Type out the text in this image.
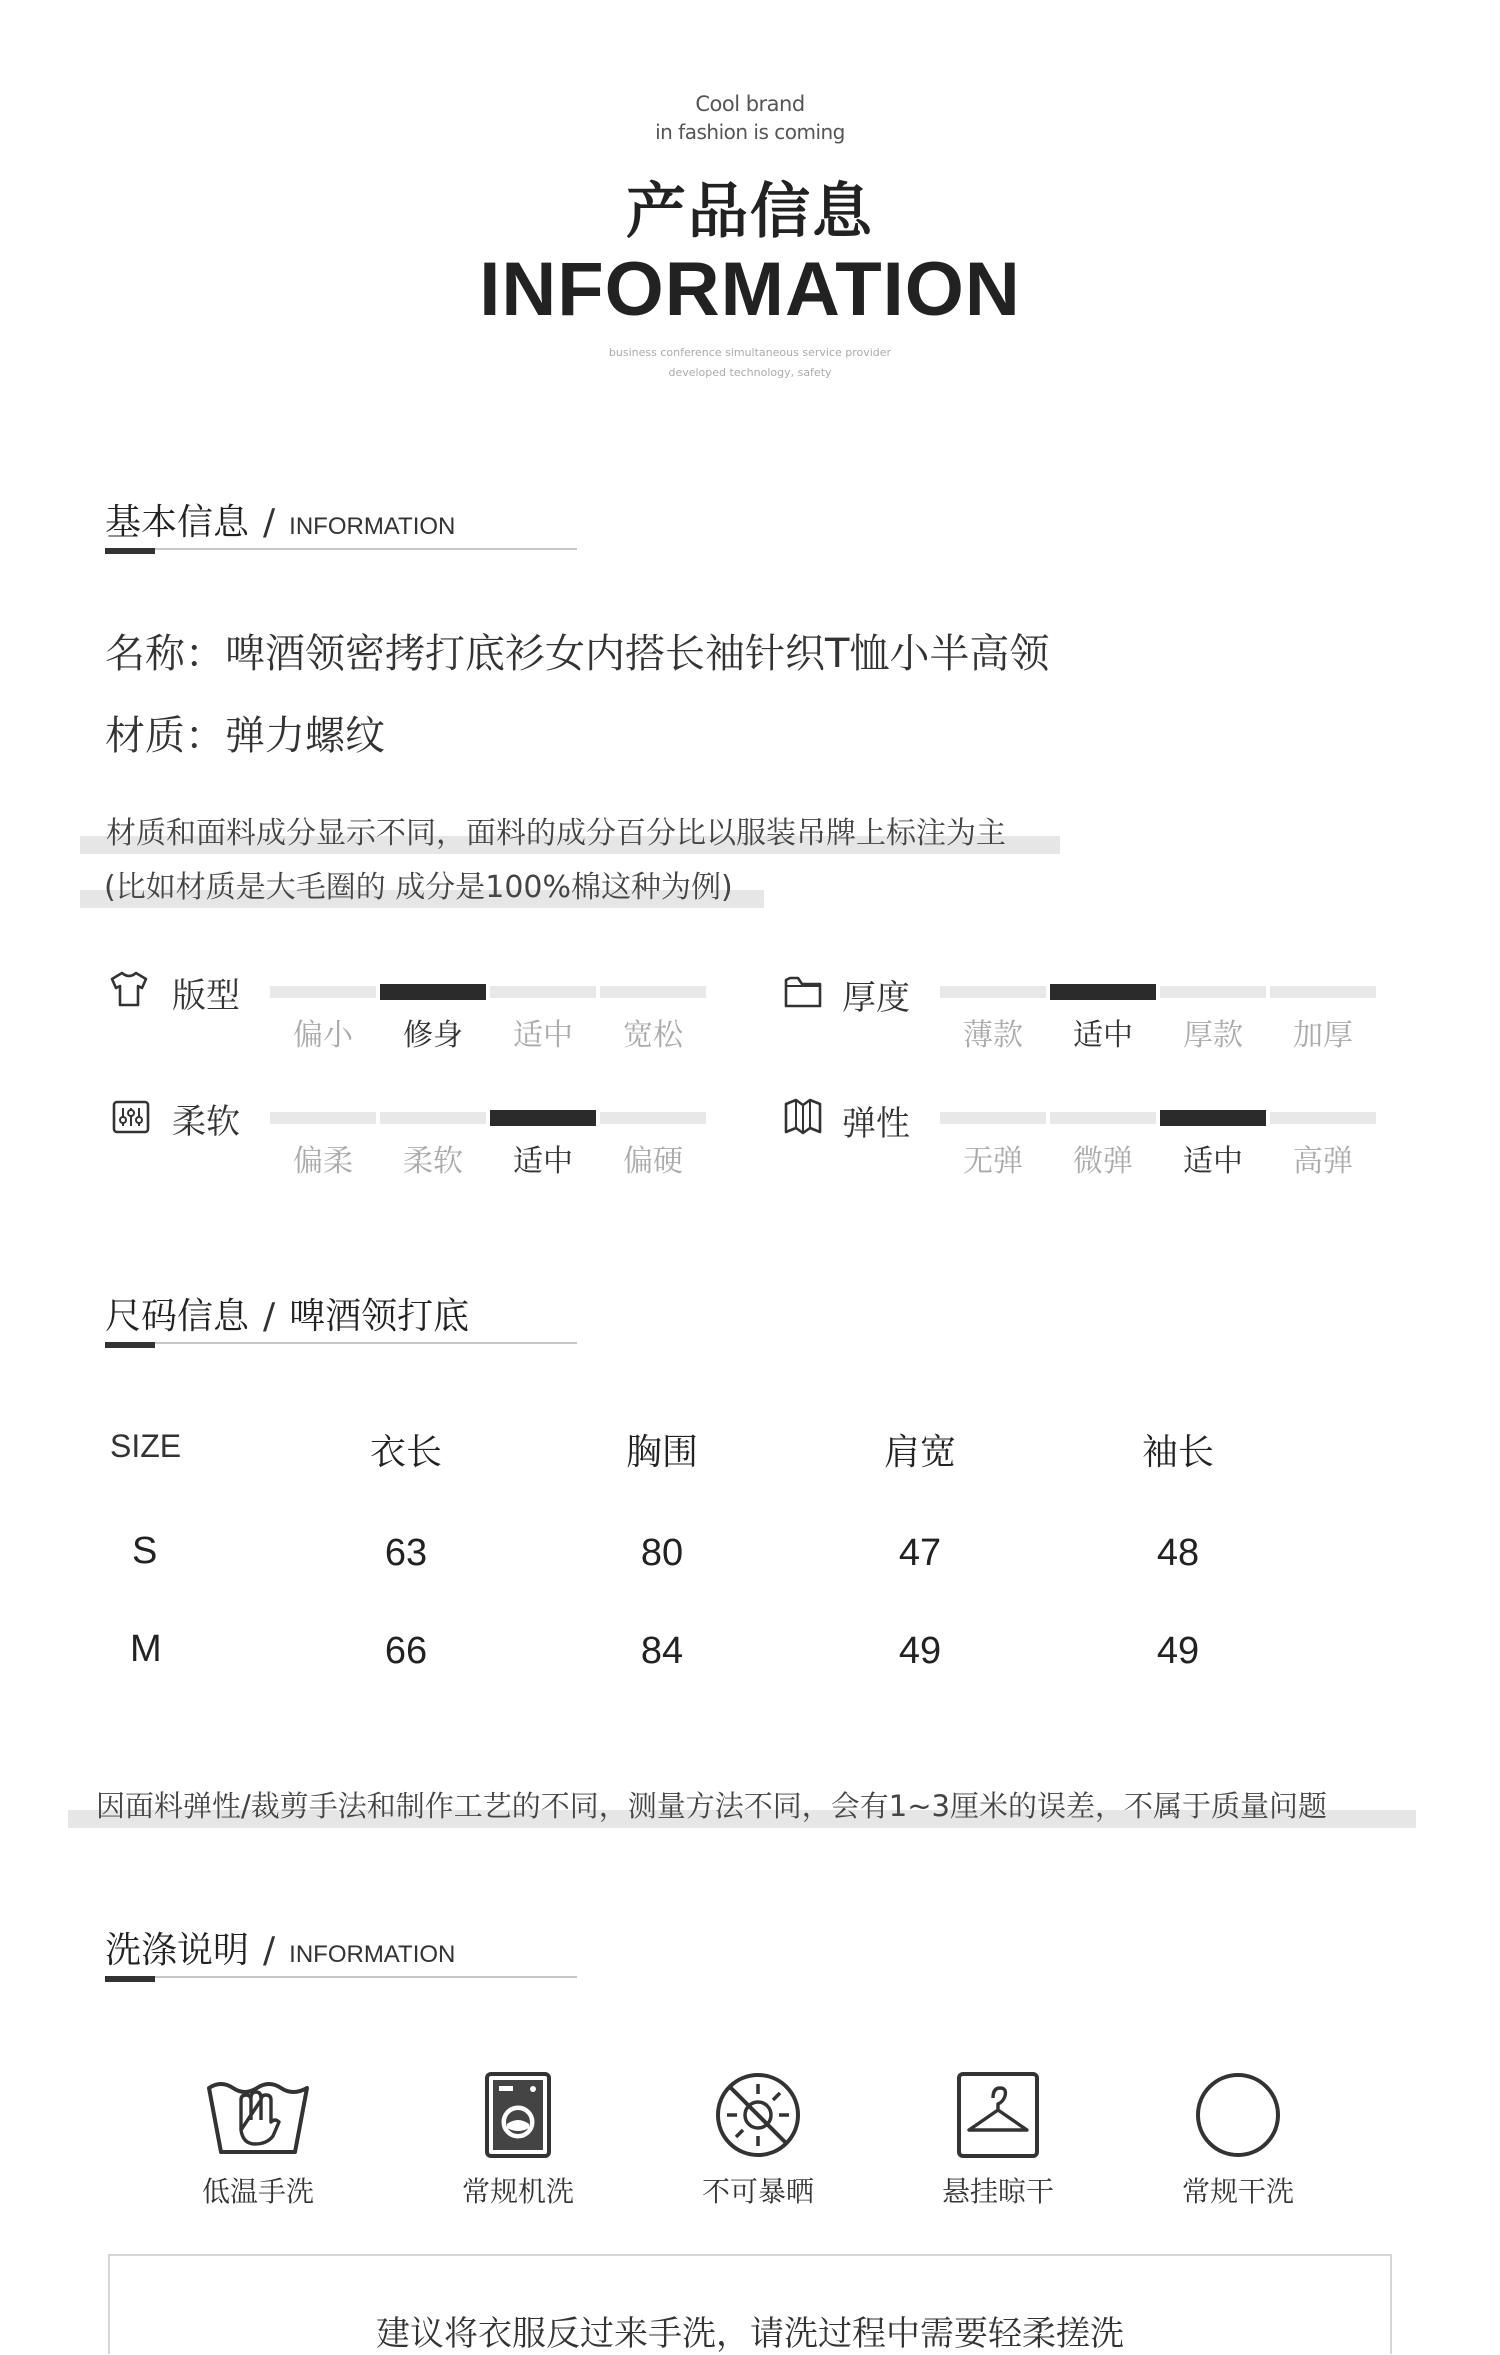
Cool brand
in fashion is coming
产品信息
INFORMATION
business conference simultaneous service provider
developed technology, safety
基本信息 / INFORMATION
名称：啤酒领密拷打底衫女内搭长袖针织T恤小半高领
材质：弹力螺纹
材质和面料成分显示不同，面料的成分百分比以服装吊牌上标注为主
(比如材质是大毛圈的 成分是100%棉这种为例)
版型
偏小	修身	适中	宽松
厚度
薄款	适中	厚款	加厚
柔软
偏柔	柔软	适中	偏硬
弹性
无弹	微弹	适中	高弹
尺码信息 / 啤酒领打底
SIZE	衣长	胸围	肩宽	袖长
S	63	80	47	48
M	66	84	49	49
因面料弹性/裁剪手法和制作工艺的不同，测量方法不同，会有1~3厘米的误差，不属于质量问题
洗涤说明 / INFORMATION
低温手洗	常规机洗	不可暴晒	悬挂晾干	常规干洗
建议将衣服反过来手洗，请洗过程中需要轻柔搓洗
